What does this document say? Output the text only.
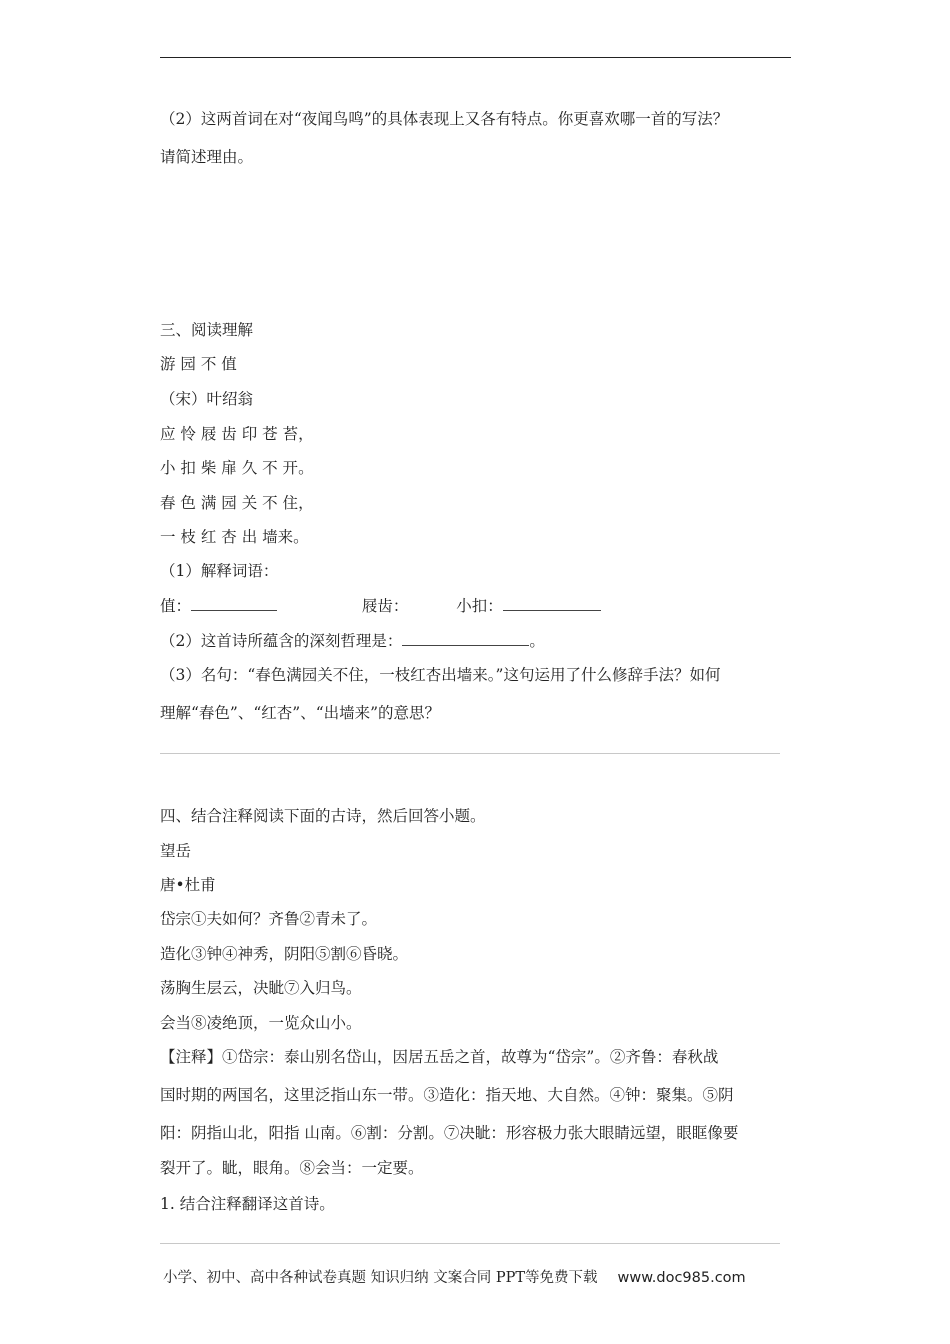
（2）这两首词在对“夜闻鸟鸣”的具体表现上又各有特点。你更喜欢哪一首的写法？
请简述理由。
三、阅读理解
游 园 不 值
（宋）叶绍翁
应 怜 屐 齿 印 苍 苔，
小 扣 柴 扉 久 不 开。
春 色 满 园 关 不 住，
一 枝 红 杏 出 墙来。
（1）解释词语：
值：	屐齿：	小扣：
（2）这首诗所蕴含的深刻哲理是：	。
（3）名句：“春色满园关不住，一枝红杏出墙来。”这句运用了什么修辞手法？如何
理解“春色”、“红杏”、“出墙来”的意思？
四、结合注释阅读下面的古诗，然后回答小题。
望岳
唐•杜甫
岱宗①夫如何？齐鲁②青未了。
造化③钟④神秀，阴阳⑤割⑥昏晓。
荡胸生层云，决眦⑦入归鸟。
会当⑧凌绝顶，一览众山小。
【注释】①岱宗：泰山别名岱山，因居五岳之首，故尊为“岱宗”。②齐鲁：春秋战
国时期的两国名，这里泛指山东一带。③造化：指天地、大自然。④钟：聚集。⑤阴
阳：阴指山北，阳指 山南。⑥割：分割。⑦决眦：形容极力张大眼睛远望，眼眶像要
裂开了。眦，眼角。⑧会当：一定要。
1. 结合注释翻译这首诗。
小学、初中、高中各种试卷真题 知识归纳 文案合同 PPT等免费下载 www.doc985.com
